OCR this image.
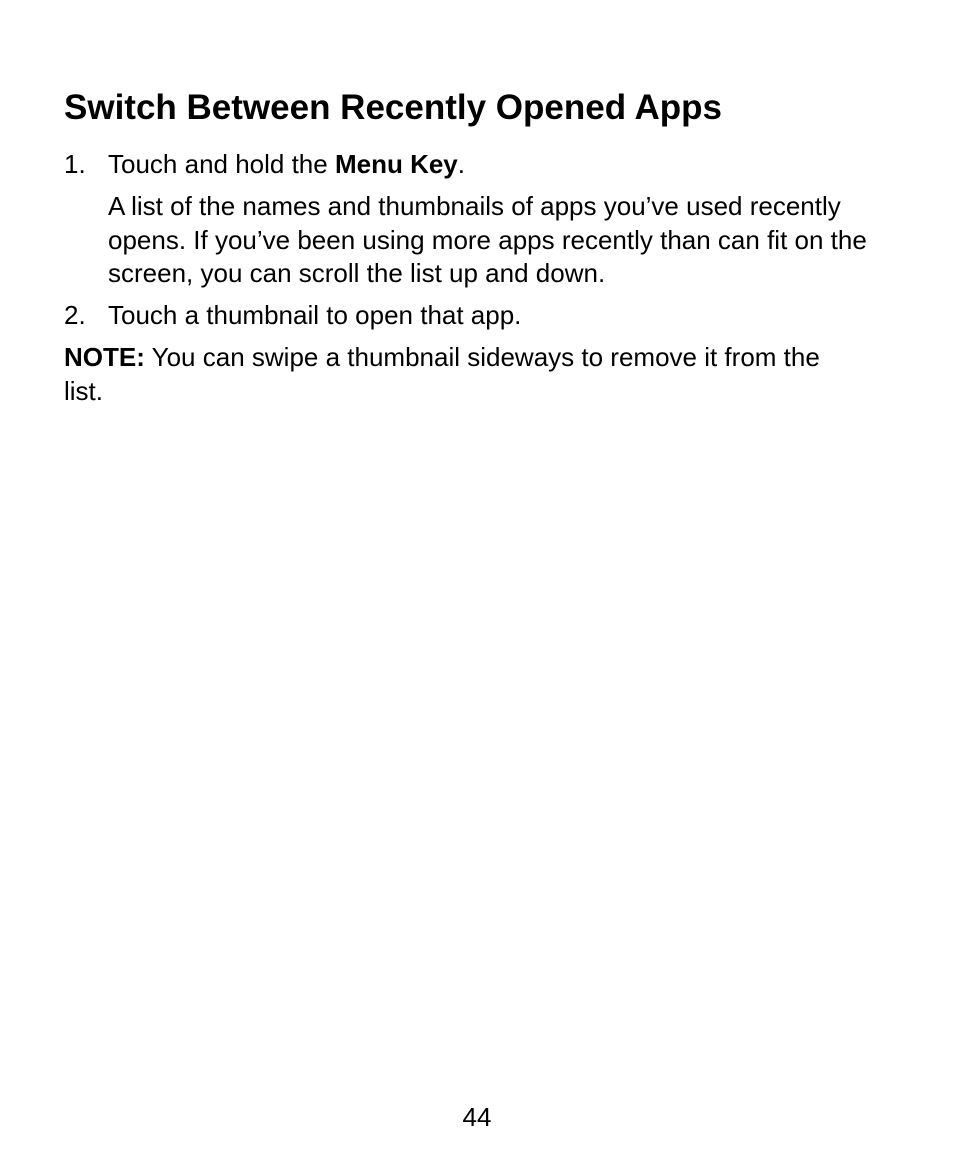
Switch Between Recently Opened Apps
1. Touch and hold the Menu Key.

A list of the names and thumbnails of apps you’ve used recently opens. If you’ve been using more apps recently than can fit on the screen, you can scroll the list up and down.

2. Touch a thumbnail to open that app.

NOTE: You can swipe a thumbnail sideways to remove it from the list.

44
